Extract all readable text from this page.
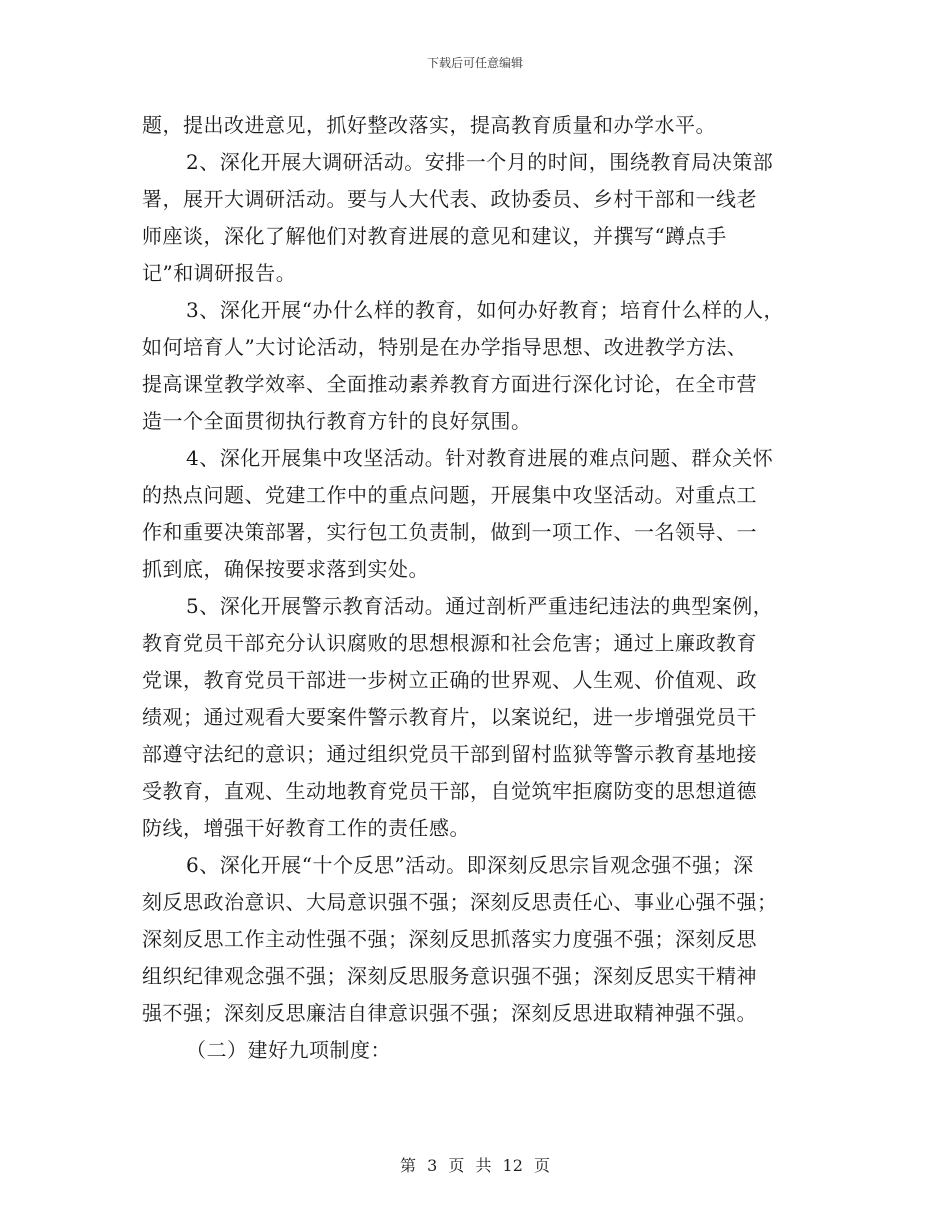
下载后可任意编辑
题，提出改进意见，抓好整改落实，提高教育质量和办学水平。
2、深化开展大调研活动。安排一个月的时间，围绕教育局决策部
署，展开大调研活动。要与人大代表、政协委员、乡村干部和一线老
师座谈，深化了解他们对教育进展的意见和建议，并撰写“蹲点手
记”和调研报告。
3、深化开展“办什么样的教育，如何办好教育；培育什么样的人，
如何培育人”大讨论活动，特别是在办学指导思想、改进教学方法、
提高课堂教学效率、全面推动素养教育方面进行深化讨论，在全市营
造一个全面贯彻执行教育方针的良好氛围。
4、深化开展集中攻坚活动。针对教育进展的难点问题、群众关怀
的热点问题、党建工作中的重点问题，开展集中攻坚活动。对重点工
作和重要决策部署，实行包工负责制，做到一项工作、一名领导、一
抓到底，确保按要求落到实处。
5、深化开展警示教育活动。通过剖析严重违纪违法的典型案例，
教育党员干部充分认识腐败的思想根源和社会危害；通过上廉政教育
党课，教育党员干部进一步树立正确的世界观、人生观、价值观、政
绩观；通过观看大要案件警示教育片，以案说纪，进一步增强党员干
部遵守法纪的意识；通过组织党员干部到留村监狱等警示教育基地接
受教育，直观、生动地教育党员干部，自觉筑牢拒腐防变的思想道德
防线，增强干好教育工作的责任感。
6、深化开展“十个反思”活动。即深刻反思宗旨观念强不强；深
刻反思政治意识、大局意识强不强；深刻反思责任心、事业心强不强；
深刻反思工作主动性强不强；深刻反思抓落实力度强不强；深刻反思
组织纪律观念强不强；深刻反思服务意识强不强；深刻反思实干精神
强不强；深刻反思廉洁自律意识强不强；深刻反思进取精神强不强。
（二）建好九项制度：
第 3 页 共 12 页
